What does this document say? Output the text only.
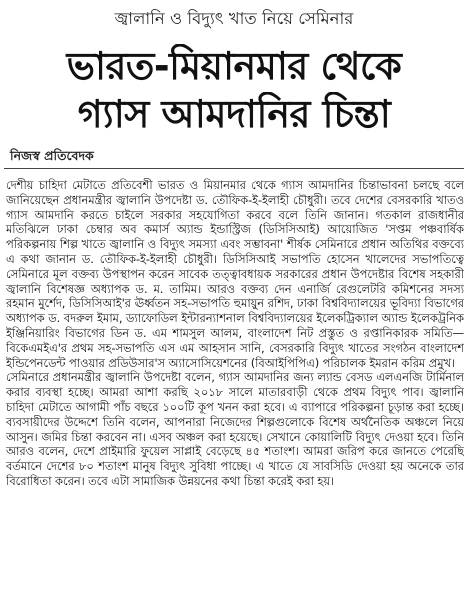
জ্বালানি ও বিদ্যুৎ খাত নিয়ে সেমিনার
ভারত-মিয়ানমার থেকে
গ্যাস আমদানির চিন্তা
নিজস্ব প্রতিবেদক

দেশীয় চাহিদা মেটাতে প্রতিবেশী ভারত ও মিয়ানমার থেকে গ্যাস আমদানির চিন্তাভাবনা চলছে বলে জানিয়েছেন প্রধানমন্ত্রীর জ্বালানি উপদেষ্টা ড. তৌফিক-ই-ইলাহী চৌধুরী। তবে দেশের বেসরকারি খাতও গ্যাস আমদানি করতে চাইলে সরকার সহযোগিতা করবে বলে তিনি জানান। গতকাল রাজধানীর মতিঝিলে ঢাকা চেম্বার অব কমার্স অ্যান্ড ইন্ডাস্ট্রিজ (ডিসিসিআই) আয়োজিত 'সপ্তম পঞ্চবার্ষিক পরিকল্পনায় শিল্প খাতে জ্বালানি ও বিদ্যুৎ সমস্যা এবং সম্ভাবনা' শীর্ষক সেমিনারে প্রধান অতিথির বক্তব্যে এ কথা জানান ড. তৌফিক-ই-ইলাহী চৌধুরী। ডিসিসিআই সভাপতি হোসেন খালেদের সভাপতিত্বে সেমিনারে মূল বক্তব্য উপস্থাপন করেন সাবেক তত্ত্বাবধায়ক সরকারের প্রধান উপদেষ্টার বিশেষ সহকারী জ্বালানি বিশেষজ্ঞ অধ্যাপক ড. ম. তামিম। আরও বক্তব্য দেন এনার্জি রেগুলেটরি কমিশনের সদস্য রহমান মুর্শেদ, ডিসিসিআই'র ঊর্ধ্বতন সহ-সভাপতি হুমায়ুন রশিদ, ঢাকা বিশ্ববিদ্যালয়ের ভূবিদ্যা বিভাগের অধ্যাপক ড. বদরুল ইমাম, ড্যাফোডিল ইন্টারন্যাশনাল বিশ্ববিদ্যালয়ের ইলেকট্রিক্যাল অ্যান্ড ইলেকট্রনিক ইঞ্জিনিয়ারিং বিভাগের ডিন ড. এম শামসুল আলম, বাংলাদেশ নিট প্রস্তুত ও রপ্তানিকারক সমিতি—বিকেএমইএ'র প্রথম সহ-সভাপতি এস এম আহসান সানি, বেসরকারি বিদ্যুৎ খাতের সংগঠন বাংলাদেশ ইন্ডিপেনডেন্ট পাওয়ার প্রডিউসার'স অ্যাসোসিয়েশনের (বিআইপিপিএ) পরিচালক ইমরান করিম প্রমুখ।

সেমিনারে প্রধানমন্ত্রীর জ্বালানি উপদেষ্টা বলেন, গ্যাস আমদানির জন্য ল্যান্ড বেসড এলএনজি টার্মিনাল করার ব্যবস্থা হচ্ছে। আমরা আশা করছি ২০১৮ সালে মাতারবাড়ী থেকে প্রথম বিদ্যুৎ পাব। জ্বালানি চাহিদা মেটাতে আগামী পাঁচ বছরে ১০০টি কূপ খনন করা হবে। এ ব্যাপারে পরিকল্পনা চূড়ান্ত করা হচ্ছে। ব্যবসায়ীদের উদ্দেশে তিনি বলেন, আপনারা নিজেদের শিল্পগুলোকে বিশেষ অর্থনৈতিক অঞ্চলে নিয়ে আসুন। জমির চিন্তা করবেন না। এসব অঞ্চল করা হয়েছে। সেখানে কোয়ালিটি বিদ্যুৎ দেওয়া হবে। তিনি আরও বলেন, দেশে প্রাইমারি ফুয়েল সাপ্লাই বেড়েছে ৪৫ শতাংশ। আমরা জরিপ করে জানতে পেরেছি বর্তমানে দেশের ৮০ শতাংশ মানুষ বিদ্যুৎ সুবিধা পাচ্ছে। এ খাতে যে সাবসিডি দেওয়া হয় অনেকে তার বিরোধিতা করেন। তবে এটা সামাজিক উন্নয়নের কথা চিন্তা করেই করা হয়।
